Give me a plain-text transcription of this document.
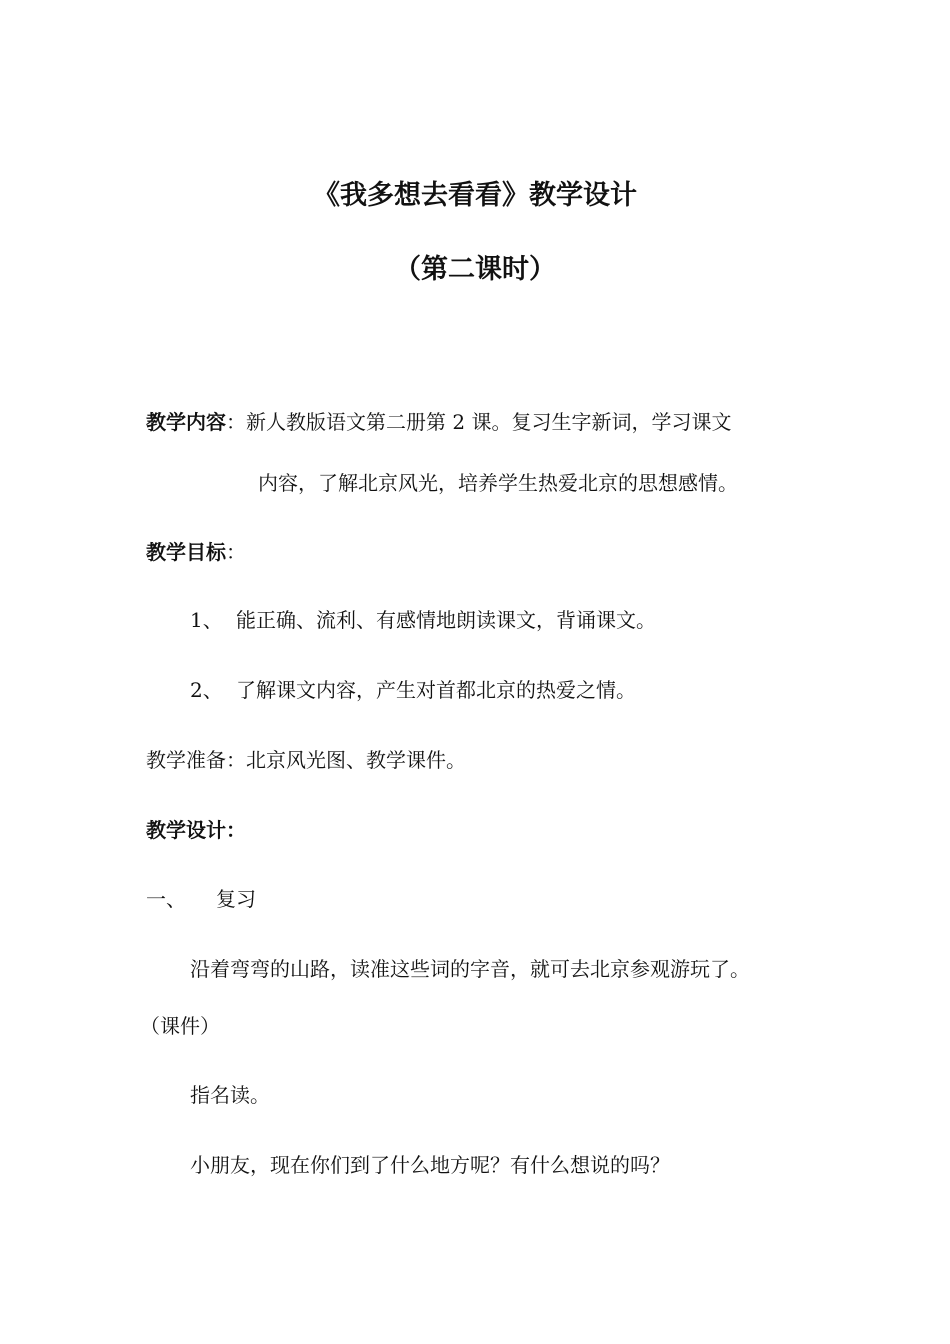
《我多想去看看》教学设计
（第二课时）
教学内容：新人教版语文第二册第 2 课。复习生字新词，学习课文
内容，了解北京风光，培养学生热爱北京的思想感情。
教学目标：
1、 能正确、流利、有感情地朗读课文，背诵课文。
2、 了解课文内容，产生对首都北京的热爱之情。
教学准备：北京风光图、教学课件。
教学设计：
一、 复习
沿着弯弯的山路，读准这些词的字音，就可去北京参观游玩了。
（课件）
指名读。
小朋友，现在你们到了什么地方呢？有什么想说的吗？
